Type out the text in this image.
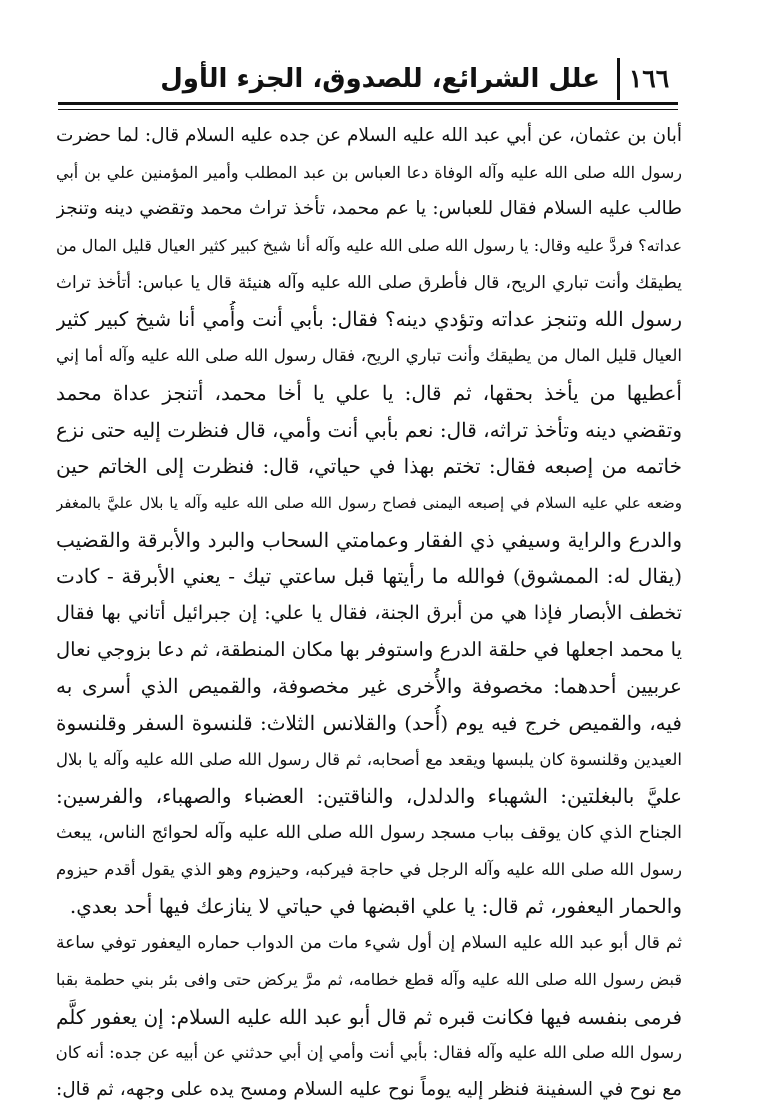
١٦٦
علل الشرائع، للصدوق، الجزء الأول
أبان بن عثمان، عن أبي عبد الله عليه السلام عن جده عليه السلام قال: لما حضرت
رسول الله صلى الله عليه وآله الوفاة دعا العباس بن عبد المطلب وأمير المؤمنين علي بن أبي
طالب عليه السلام فقال للعباس: يا عم محمد، تأخذ تراث محمد وتقضي دينه وتنجز
عداته؟ فردَّ عليه وقال: يا رسول الله صلى الله عليه وآله أنا شيخ كبير كثير العيال قليل المال من
يطيقك وأنت تباري الريح، قال فأطرق صلى الله عليه وآله هنيئة قال يا عباس: أتأخذ تراث
رسول الله وتنجز عداته وتؤدي دينه؟ فقال: بأبي أنت وأُمي أنا شيخ كبير كثير
العيال قليل المال من يطيقك وأنت تباري الريح، فقال رسول الله صلى الله عليه وآله أما إني
أعطيها من يأخذ بحقها، ثم قال: يا علي يا أخا محمد، أتنجز عداة محمد
وتقضي دينه وتأخذ تراثه، قال: نعم بأبي أنت وأمي، قال فنظرت إليه حتى نزع
خاتمه من إصبعه فقال: تختم بهذا في حياتي، قال: فنظرت إلى الخاتم حين
وضعه علي عليه السلام في إصبعه اليمنى فصاح رسول الله صلى الله عليه وآله يا بلال عليَّ بالمغفر
والدرع والراية وسيفي ذي الفقار وعمامتي السحاب والبرد والأبرقة والقضيب
(يقال له: الممشوق) فوالله ما رأيتها قبل ساعتي تيك - يعني الأبرقة - كادت
تخطف الأبصار فإذا هي من أبرق الجنة، فقال يا علي: إن جبرائيل أتاني بها فقال
يا محمد اجعلها في حلقة الدرع واستوفر بها مكان المنطقة، ثم دعا بزوجي نعال
عربيين أحدهما: مخصوفة والأُخرى غير مخصوفة، والقميص الذي أسرى به
فيه، والقميص خرج فيه يوم (أُحد) والقلانس الثلاث: قلنسوة السفر وقلنسوة
العيدين وقلنسوة كان يلبسها ويقعد مع أصحابه، ثم قال رسول الله صلى الله عليه وآله يا بلال
عليَّ بالبغلتين: الشهباء والدلدل، والناقتين: العضباء والصهباء، والفرسين:
الجناح الذي كان يوقف بباب مسجد رسول الله صلى الله عليه وآله لحوائج الناس، يبعث
رسول الله صلى الله عليه وآله الرجل في حاجة فيركبه، وحيزوم وهو الذي يقول أقدم حيزوم
والحمار اليعفور، ثم قال: يا علي اقبضها في حياتي لا ينازعك فيها أحد بعدي.
ثم قال أبو عبد الله عليه السلام إن أول شيء مات من الدواب حماره اليعفور توفي ساعة
قبض رسول الله صلى الله عليه وآله قطع خطامه، ثم مرَّ يركض حتى وافى بئر بني حطمة بقبا
فرمى بنفسه فيها فكانت قبره ثم قال أبو عبد الله عليه السلام: إن يعفور كلَّم
رسول الله صلى الله عليه وآله فقال: بأبي أنت وأمي إن أبي حدثني عن أبيه عن جده: أنه كان
مع نوح في السفينة فنظر إليه يوماً نوح عليه السلام ومسح يده على وجهه، ثم قال:
